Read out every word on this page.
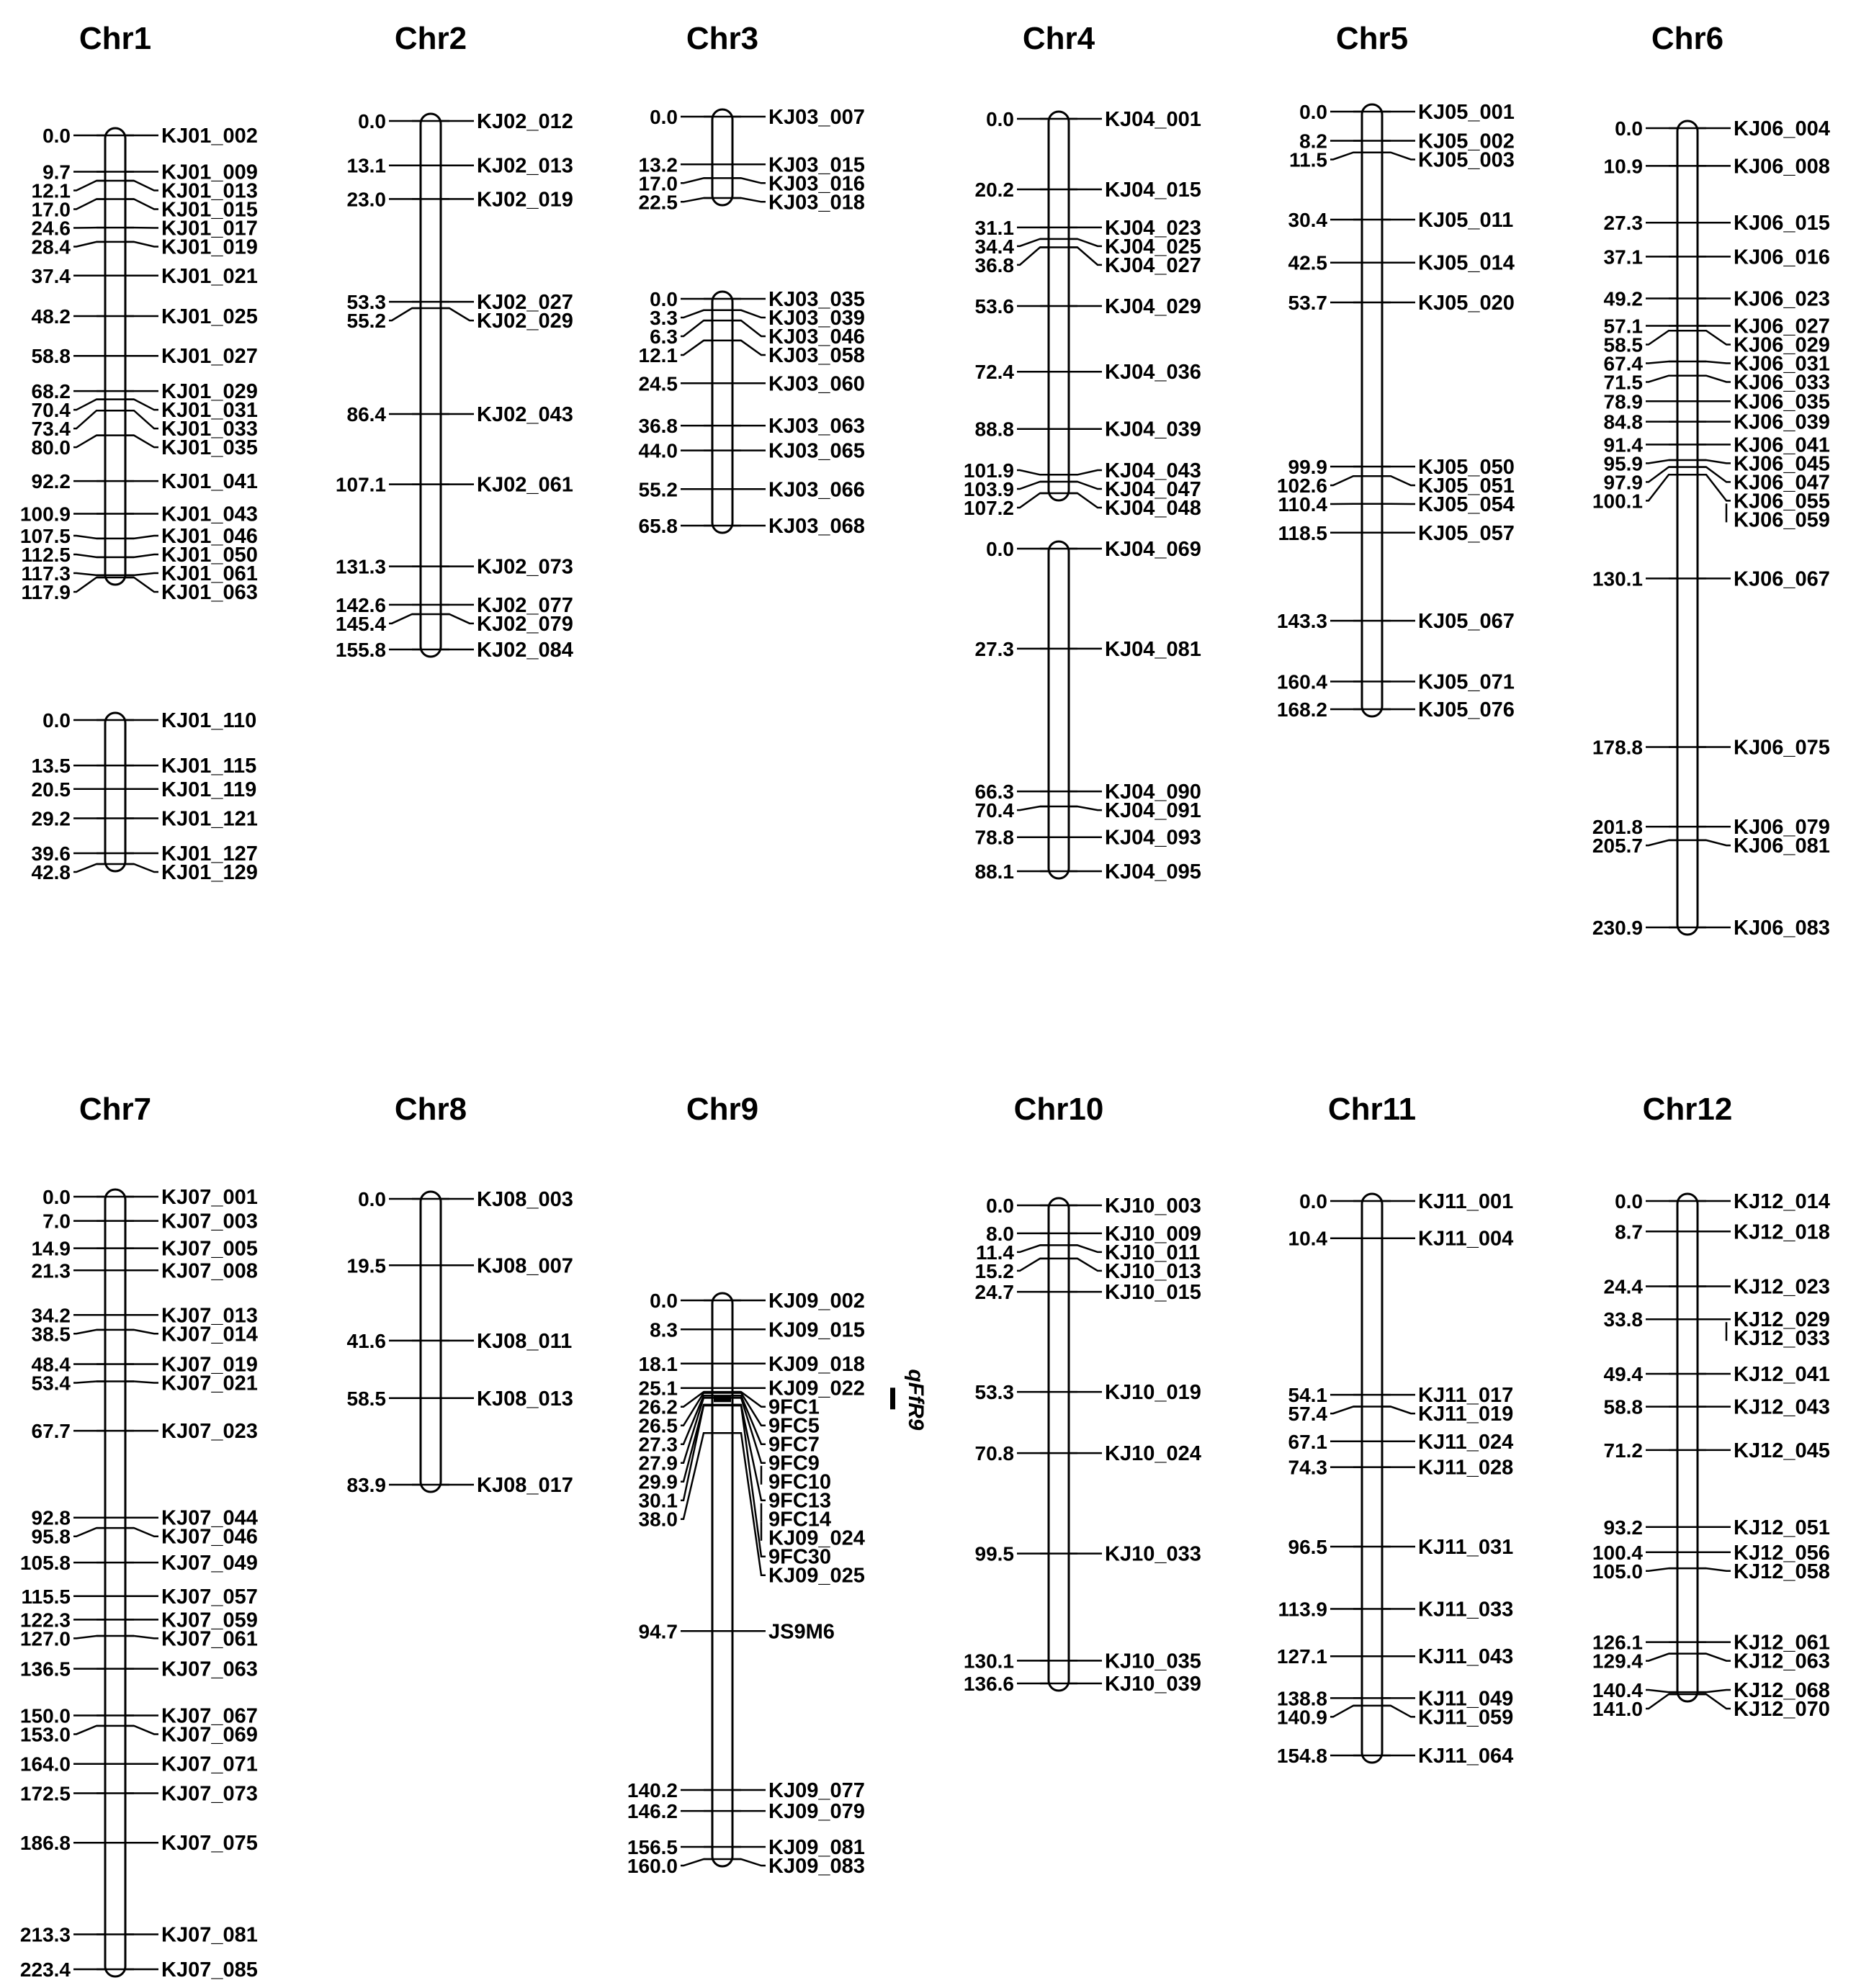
Chr1
0.0
9.7
12.1
17.0
24.6
28.4
37.4
48.2
58.8
68.2
70.4
73.4
80.0
92.2
100.9
107.5
112.5
117.3
117.9
KJ01_002
KJ01_009
KJ01_013
KJ01_015
KJ01_017
KJ01_019
KJ01_021
KJ01_025
KJ01_027
KJ01_029
KJ01_031
KJ01_033
KJ01_035
KJ01_041
KJ01_043
KJ01_046
KJ01_050
KJ01_061
KJ01_063
0.0
13.5
20.5
29.2
39.6
42.8
KJ01_110
KJ01_115
KJ01_119
KJ01_121
KJ01_127
KJ01_129
Chr2
0.0
13.1
23.0
53.3
55.2
86.4
107.1
131.3
142.6
145.4
155.8
KJ02_012
KJ02_013
KJ02_019
KJ02_027
KJ02_029
KJ02_043
KJ02_061
KJ02_073
KJ02_077
KJ02_079
KJ02_084
Chr3
0.0
13.2
17.0
22.5
KJ03_007
KJ03_015
KJ03_016
KJ03_018
0.0
3.3
6.3
12.1
24.5
36.8
44.0
55.2
65.8
KJ03_035
KJ03_039
KJ03_046
KJ03_058
KJ03_060
KJ03_063
KJ03_065
KJ03_066
KJ03_068
Chr4
0.0
20.2
31.1
34.4
36.8
53.6
72.4
88.8
101.9
103.9
107.2
KJ04_001
KJ04_015
KJ04_023
KJ04_025
KJ04_027
KJ04_029
KJ04_036
KJ04_039
KJ04_043
KJ04_047
KJ04_048
0.0
27.3
66.3
70.4
78.8
88.1
KJ04_069
KJ04_081
KJ04_090
KJ04_091
KJ04_093
KJ04_095
Chr5
0.0
8.2
11.5
30.4
42.5
53.7
99.9
102.6
110.4
118.5
143.3
160.4
168.2
KJ05_001
KJ05_002
KJ05_003
KJ05_011
KJ05_014
KJ05_020
KJ05_050
KJ05_051
KJ05_054
KJ05_057
KJ05_067
KJ05_071
KJ05_076
Chr6
0.0
10.9
27.3
37.1
49.2
57.1
58.5
67.4
71.5
78.9
84.8
91.4
95.9
97.9
100.1
130.1
178.8
201.8
205.7
230.9
KJ06_004
KJ06_008
KJ06_015
KJ06_016
KJ06_023
KJ06_027
KJ06_029
KJ06_031
KJ06_033
KJ06_035
KJ06_039
KJ06_041
KJ06_045
KJ06_047
KJ06_055
KJ06_059
KJ06_067
KJ06_075
KJ06_079
KJ06_081
KJ06_083
Chr7
0.0
7.0
14.9
21.3
34.2
38.5
48.4
53.4
67.7
92.8
95.8
105.8
115.5
122.3
127.0
136.5
150.0
153.0
164.0
172.5
186.8
213.3
223.4
KJ07_001
KJ07_003
KJ07_005
KJ07_008
KJ07_013
KJ07_014
KJ07_019
KJ07_021
KJ07_023
KJ07_044
KJ07_046
KJ07_049
KJ07_057
KJ07_059
KJ07_061
KJ07_063
KJ07_067
KJ07_069
KJ07_071
KJ07_073
KJ07_075
KJ07_081
KJ07_085
Chr8
0.0
19.5
41.6
58.5
83.9
KJ08_003
KJ08_007
KJ08_011
KJ08_013
KJ08_017
Chr9
0.0
8.3
18.1
25.1
26.2
26.5
27.3
27.9
29.9
30.1
38.0
94.7
140.2
146.2
156.5
160.0
KJ09_002
KJ09_015
KJ09_018
KJ09_022
9FC1
9FC5
9FC7
9FC9
9FC10
9FC13
9FC14
KJ09_024
9FC30
KJ09_025
JS9M6
KJ09_077
KJ09_079
KJ09_081
KJ09_083
qFfR9
Chr10
0.0
8.0
11.4
15.2
24.7
53.3
70.8
99.5
130.1
136.6
KJ10_003
KJ10_009
KJ10_011
KJ10_013
KJ10_015
KJ10_019
KJ10_024
KJ10_033
KJ10_035
KJ10_039
Chr11
0.0
10.4
54.1
57.4
67.1
74.3
96.5
113.9
127.1
138.8
140.9
154.8
KJ11_001
KJ11_004
KJ11_017
KJ11_019
KJ11_024
KJ11_028
KJ11_031
KJ11_033
KJ11_043
KJ11_049
KJ11_059
KJ11_064
Chr12
0.0
8.7
24.4
33.8
49.4
58.8
71.2
93.2
100.4
105.0
126.1
129.4
140.4
141.0
KJ12_014
KJ12_018
KJ12_023
KJ12_029
KJ12_033
KJ12_041
KJ12_043
KJ12_045
KJ12_051
KJ12_056
KJ12_058
KJ12_061
KJ12_063
KJ12_068
KJ12_070
